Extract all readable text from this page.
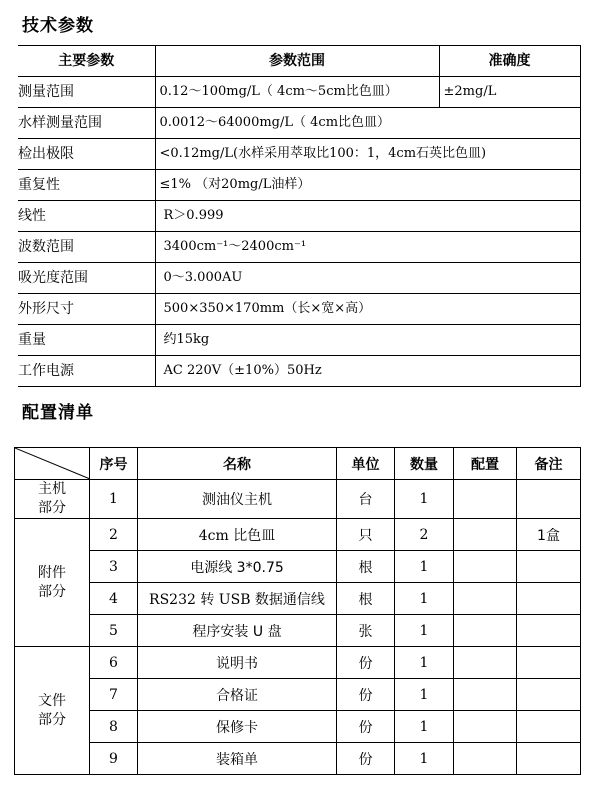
技术参数
主要参数	参数范围	准确度
测量范围	0.12～100mg/L（ 4cm～5cm比色皿）	±2mg/L
水样测量范围	0.0012～64000mg/L（ 4cm比色皿）	
检出极限	<0.12mg/L(水样采用萃取比100：1，4cm石英比色皿)	
重复性	≤1% （对20mg/L油样）	
线性	R＞0.999	
波数范围	3400cm⁻¹～2400cm⁻¹	
吸光度范围	0～3.000AU	
外形尺寸	500×350×170mm（长×宽×高）	
重量	约15kg	
工作电源	AC 220V（±10%）50Hz	
配置清单
	序号	名称	单位	数量	配置	备注
主机
部分	1	测油仪主机	台	1		
附件
部分	2	4cm 比色皿	只	2		1盒
	3	电源线 3*0.75	根	1		
	4	RS232 转 USB 数据通信线	根	1		
	5	程序安装 U 盘	张	1		
文件
部分	6	说明书	份	1		
	7	合格证	份	1		
	8	保修卡	份	1		
	9	装箱单	份	1		
